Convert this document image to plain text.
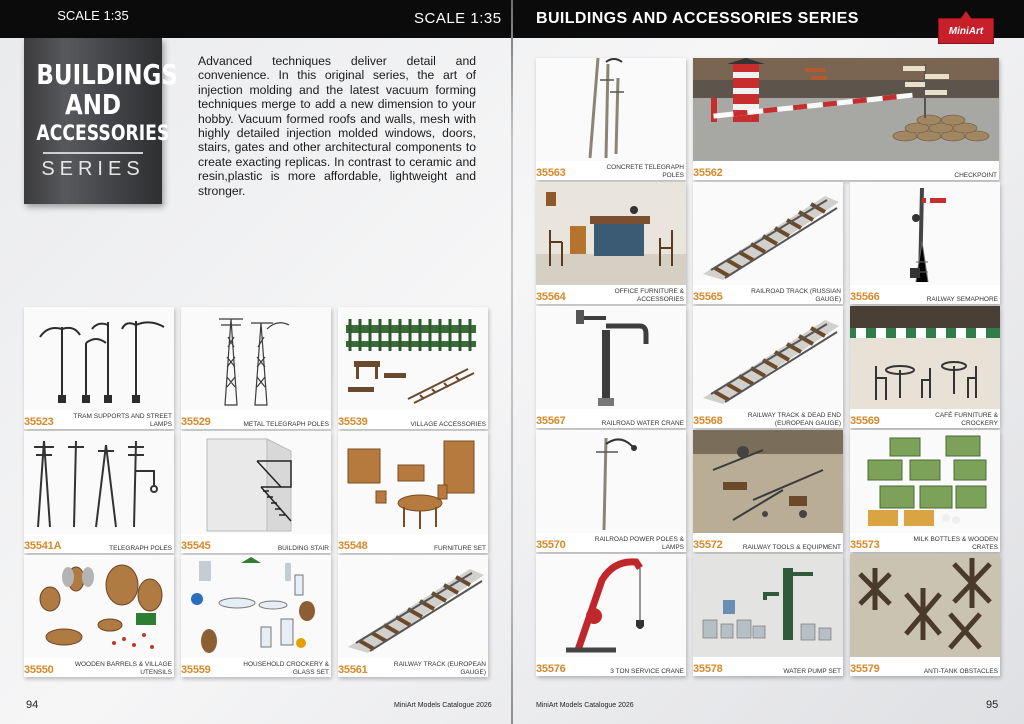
SCALE 1:35 BUILDINGS AND ACCESSORIES SERIES
MiniArt
SCALE 1:35
BUILDINGS
AND
ACCESSORIES
SERIES

Advanced techniques deliver detail and convenience. In this original series, the art of injection molding and the latest vacuum forming techniques merge to add a new dimension to your hobby. Vacuum formed roofs and walls, mesh with highly detailed injection molded windows, doors, stairs, gates and other architectural components to create exacting replicas. In contrast to ceramic and resin,plastic is more affordable, lightweight and stronger.

35523	TRAM SUPPORTS AND STREET LAMPS 35529	METAL TELEGRAPH POLES 35539	VILLAGE ACCESSORIES
35541A	TELEGRAPH POLES 35545	BUILDING STAIR 35548	FURNITURE SET
35550	WOODEN BARRELS & VILLAGE UTENSILS 35559	HOUSEHOLD CROCKERY & GLASS SET 35561	RAILWAY TRACK (EUROPEAN GAUGE)
35563	CONCRETE TELEGRAPH POLES 35562	CHECKPOINT
35564	OFFICE FURNITURE & ACCESSORIES 35565	RAILROAD TRACK (RUSSIAN GAUGE) 35566	RAILWAY SEMAPHORE
35567	RAILROAD WATER CRANE 35568	RAILWAY TRACK & DEAD END (EUROPEAN GAUGE) 35569	CAFÉ FURNITURE & CROCKERY
35570	RAILROAD POWER POLES & LAMPS 35572	RAILWAY TOOLS & EQUIPMENT 35573	MILK BOTTLES & WOODEN CRATES
35576	3 TON SERVICE CRANE 35578	WATER PUMP SET 35579	ANTI-TANK OBSTACLES
94	MiniArt Models Catalogue 2026	MiniArt Models Catalogue 2026	95
